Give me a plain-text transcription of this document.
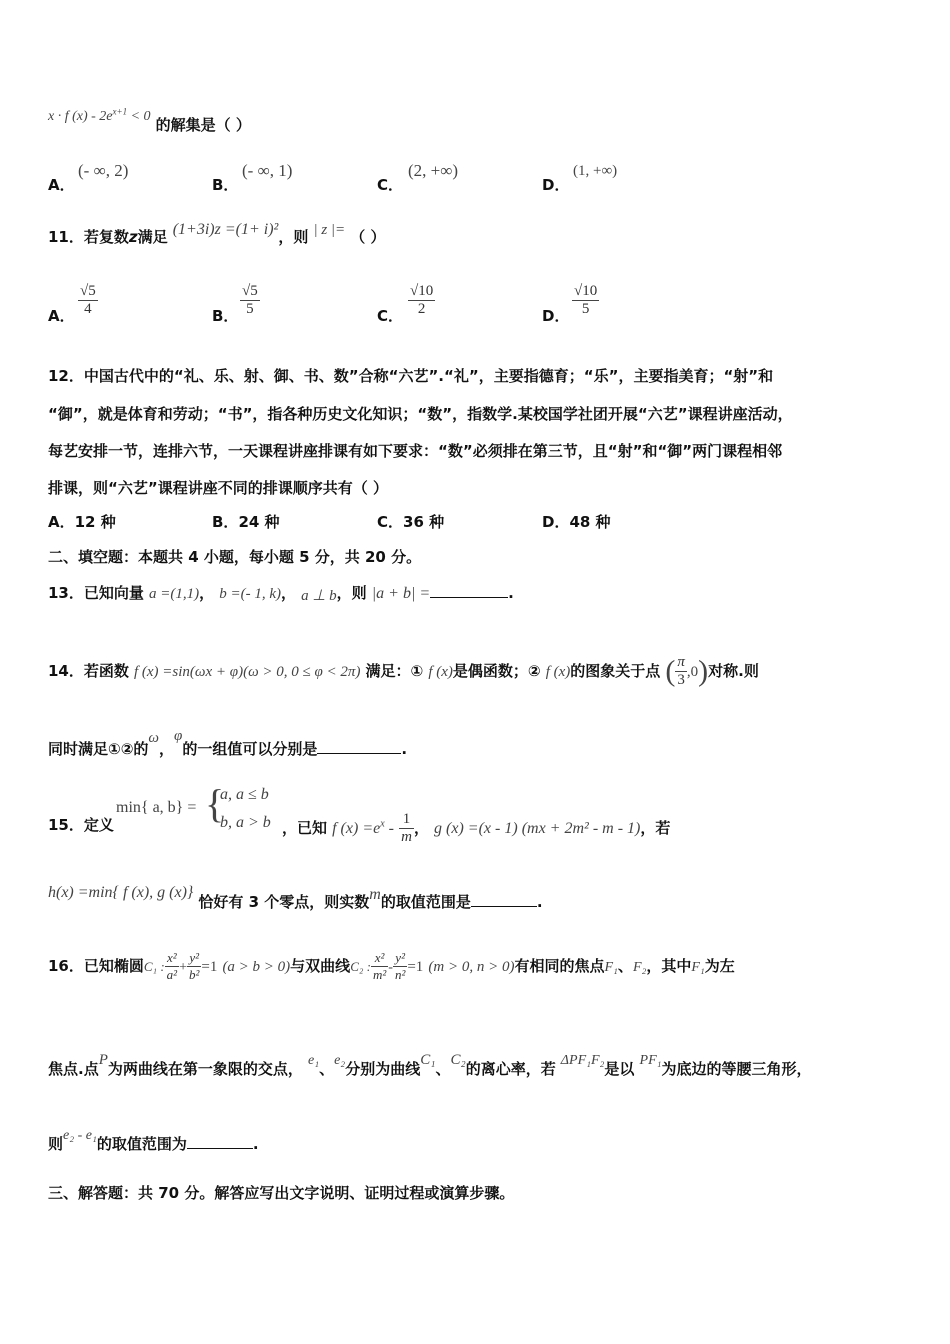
x · f $(x) - 2e^{x+1} < 0$ 的解集是（ ）
A．
(- ∞, 2)
B．
(- ∞, 1)
C．
(2, +∞)
D．
(1, +∞)
11．若复数z满足 (1+3i)z =(1+ i)²，则 | z |= （ ）
A． $\frac{√5}{4}$	B． $\frac{√5}{5}$	C． $\frac{√10}{2}$	D． $\frac{√10}{5}$
12．中国古代中的“礼、乐、射、御、书、数”合称“六艺”.“礼”，主要指德育；“乐”，主要指美育；“射”和
“御”，就是体育和劳动；“书”，指各种历史文化知识；“数”，指数学.某校国学社团开展“六艺”课程讲座活动，
每艺安排一节，连排六节，一天课程讲座排课有如下要求：“数”必须排在第三节，且“射”和“御”两门课程相邻
排课，则“六艺”课程讲座不同的排课顺序共有（ ）
A．12 种	B．24 种	C．36 种	D．48 种
二、填空题：本题共 4 小题，每小题 5 分，共 20 分。
13．已知向量 a =(1,1)， b =(- 1, k)， a ⊥ b，则 |a + b| =	.
14．若函数 f (x) =sin(ωx + φ)(ω > 0, 0 ≤ φ < 2π) 满足：① f (x)是偶函数；② f (x)的图象关于点 ( $\frac{\pi}{3} ,0$)对称.则
同时满足①②的ω，φ的一组值可以分别是	.
15．定义
min{ a, b} = {
a, a ≤ b
b, a > b ，已知 f $(x) =e^x - \frac{1}{m}$ ， g (x) =(x - 1) (mx + 2m² - m - 1)，若
h(x) =min{ f (x), g (x)} 恰好有 3 个零点，则实数m的取值范围是	.
16．已知椭圆C₁ : $\frac{\text{x²}}{\text{a²}} + \frac{\text{y²}}{\text{b²}} =1$ (a > b > 0)与双曲线C₂ : $\frac{\text{x²}}{\text{m²}} - \frac{\text{y²}}{\text{n²}} =1$ (m > 0, n > 0)有相同的焦点F₁、F₂，其中F₁为左
焦点.点P为两曲线在第一象限的交点， e₁、e₂分别为曲线C₁、C₂的离心率，若 ΔPF₁F₂是以 PF₁为底边的等腰三角形，
则e₂ - e₁的取值范围为	.
三、解答题：共 70 分。解答应写出文字说明、证明过程或演算步骤。
